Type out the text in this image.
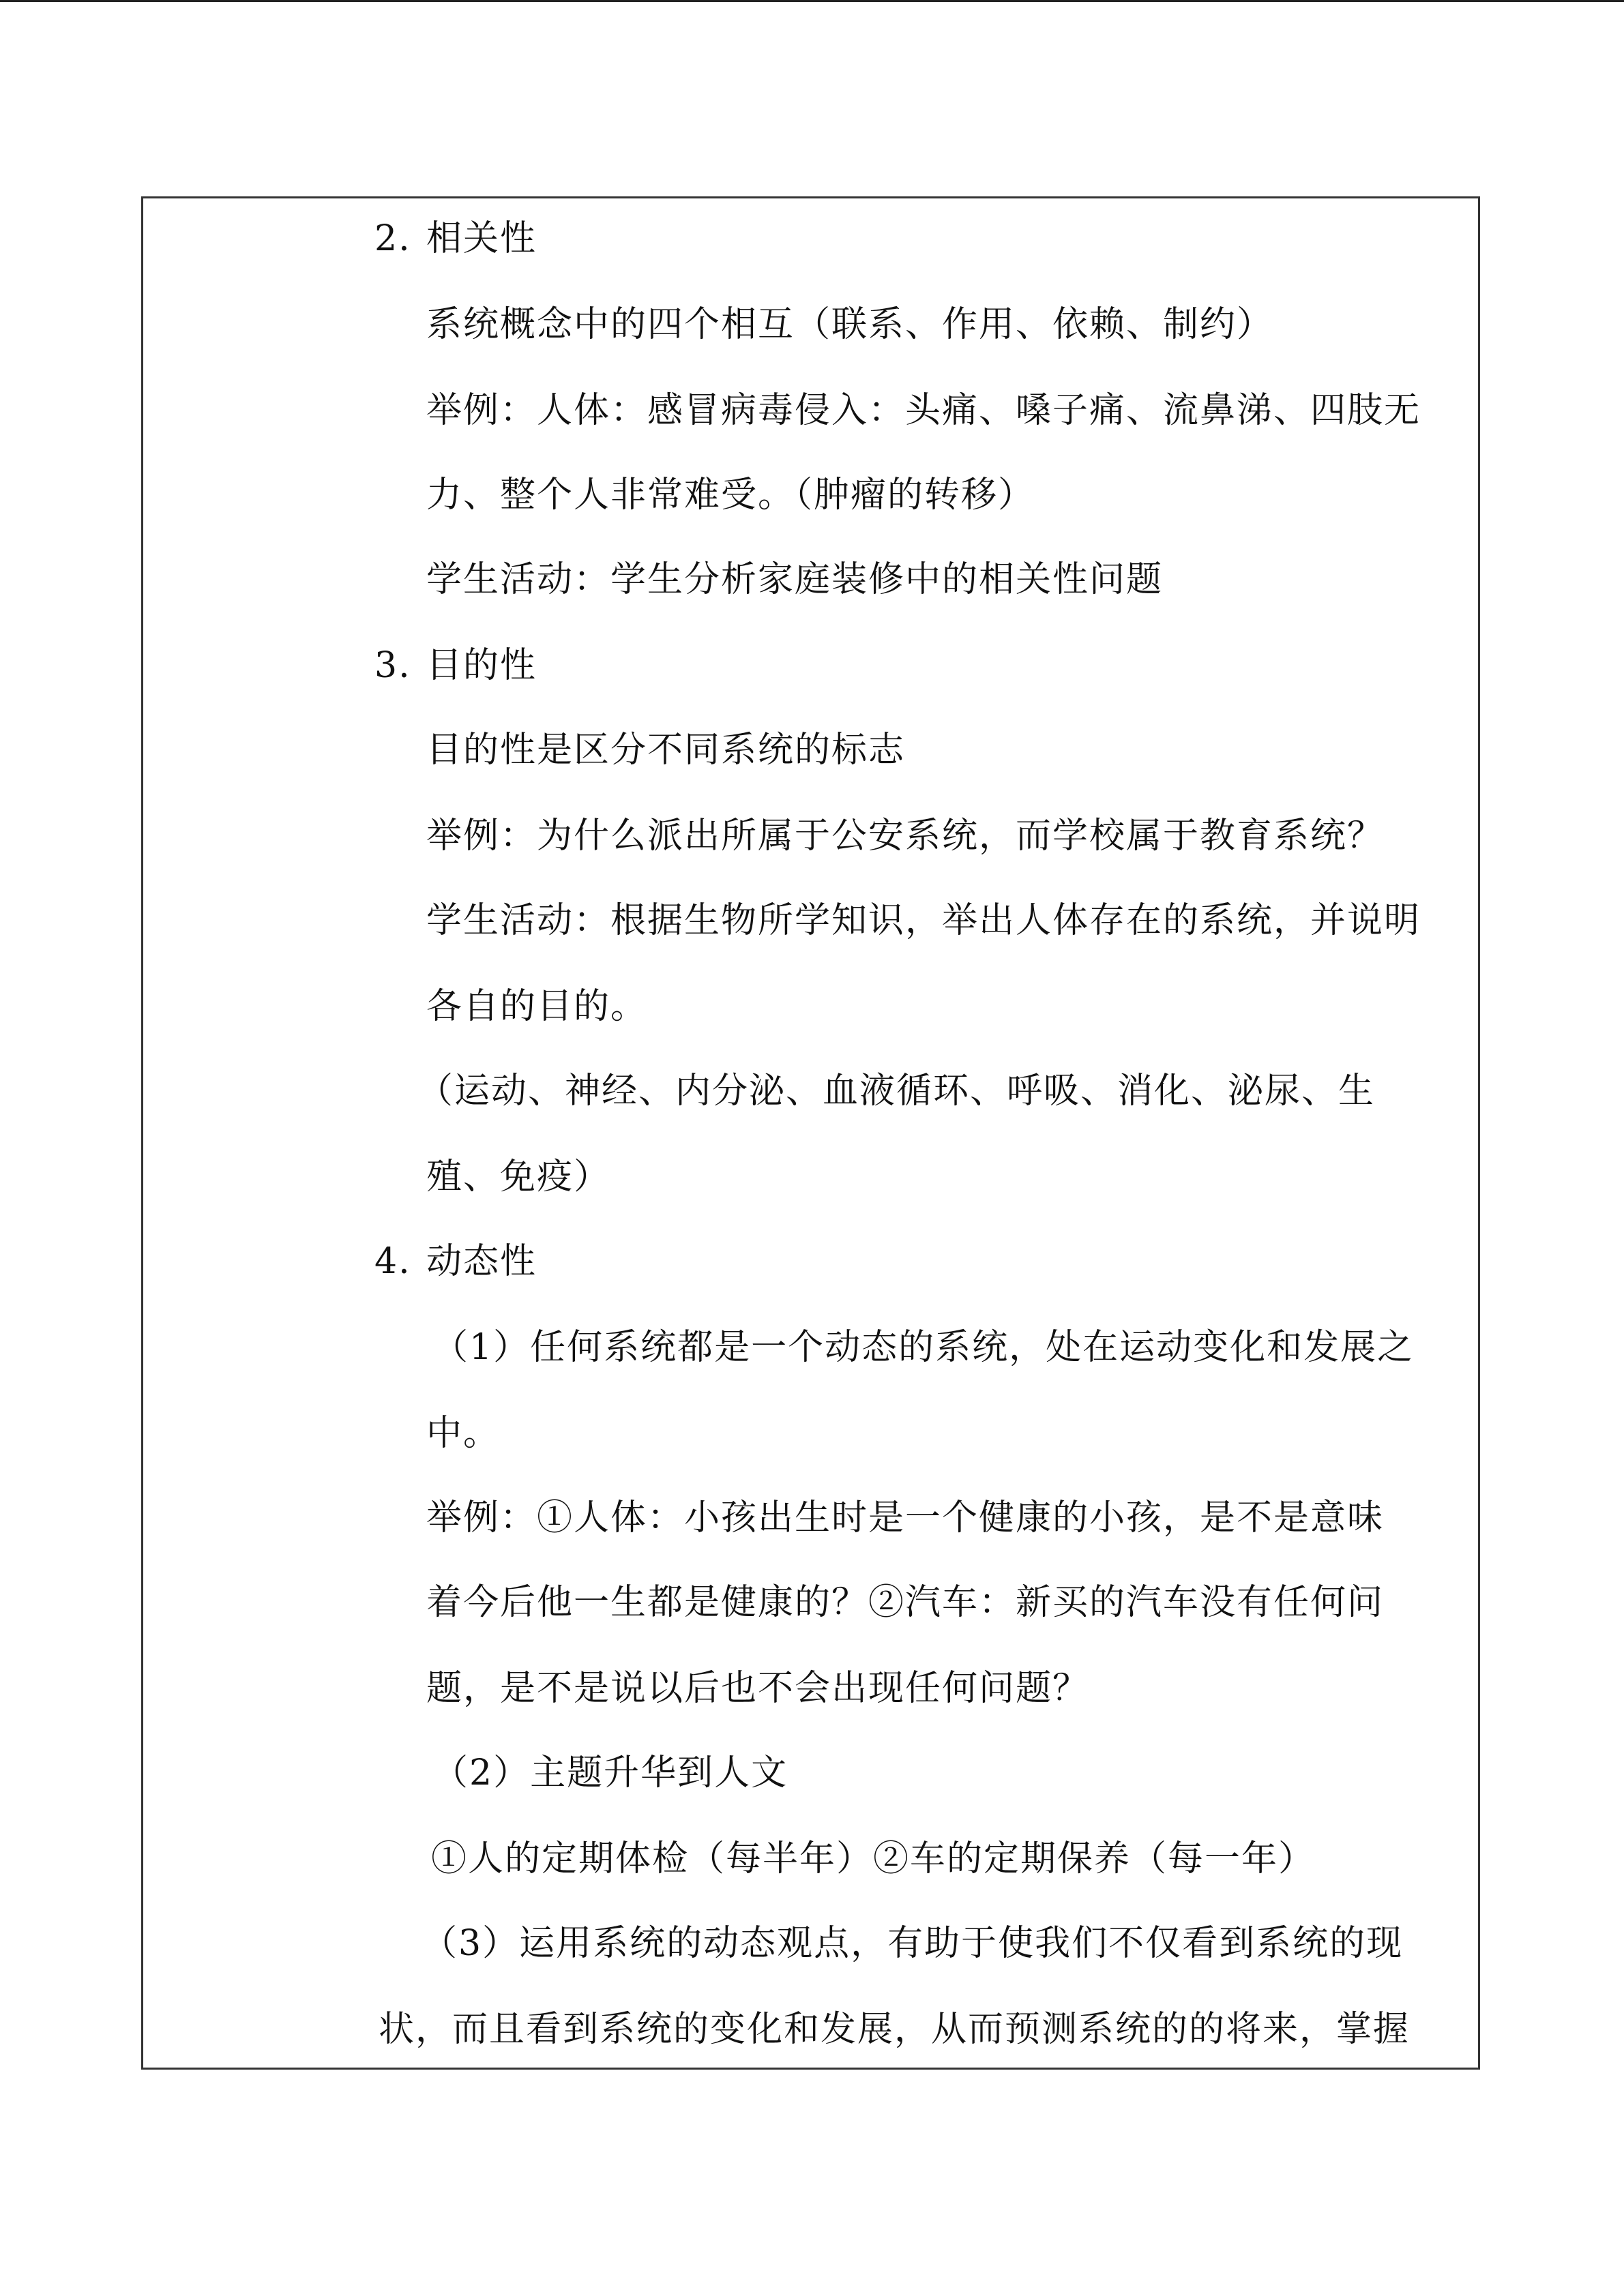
2. 相关性
系统概念中的四个相互（联系、作用、依赖、制约）
举例：人体：感冒病毒侵入：头痛、嗓子痛、流鼻涕、四肢无
力、整个人非常难受。（肿瘤的转移）
学生活动：学生分析家庭装修中的相关性问题
3. 目的性
目的性是区分不同系统的标志
举例：为什么派出所属于公安系统，而学校属于教育系统？
学生活动：根据生物所学知识，举出人体存在的系统，并说明
各自的目的。
（运动、神经、内分泌、血液循环、呼吸、消化、泌尿、生
殖、免疫）
4. 动态性
（1）任何系统都是一个动态的系统，处在运动变化和发展之
中。
举例：①人体：小孩出生时是一个健康的小孩，是不是意味
着今后他一生都是健康的？②汽车：新买的汽车没有任何问
题，是不是说以后也不会出现任何问题？
（2）主题升华到人文
①人的定期体检（每半年）②车的定期保养（每一年）
（3）运用系统的动态观点，有助于使我们不仅看到系统的现
状，而且看到系统的变化和发展，从而预测系统的的将来，掌握
